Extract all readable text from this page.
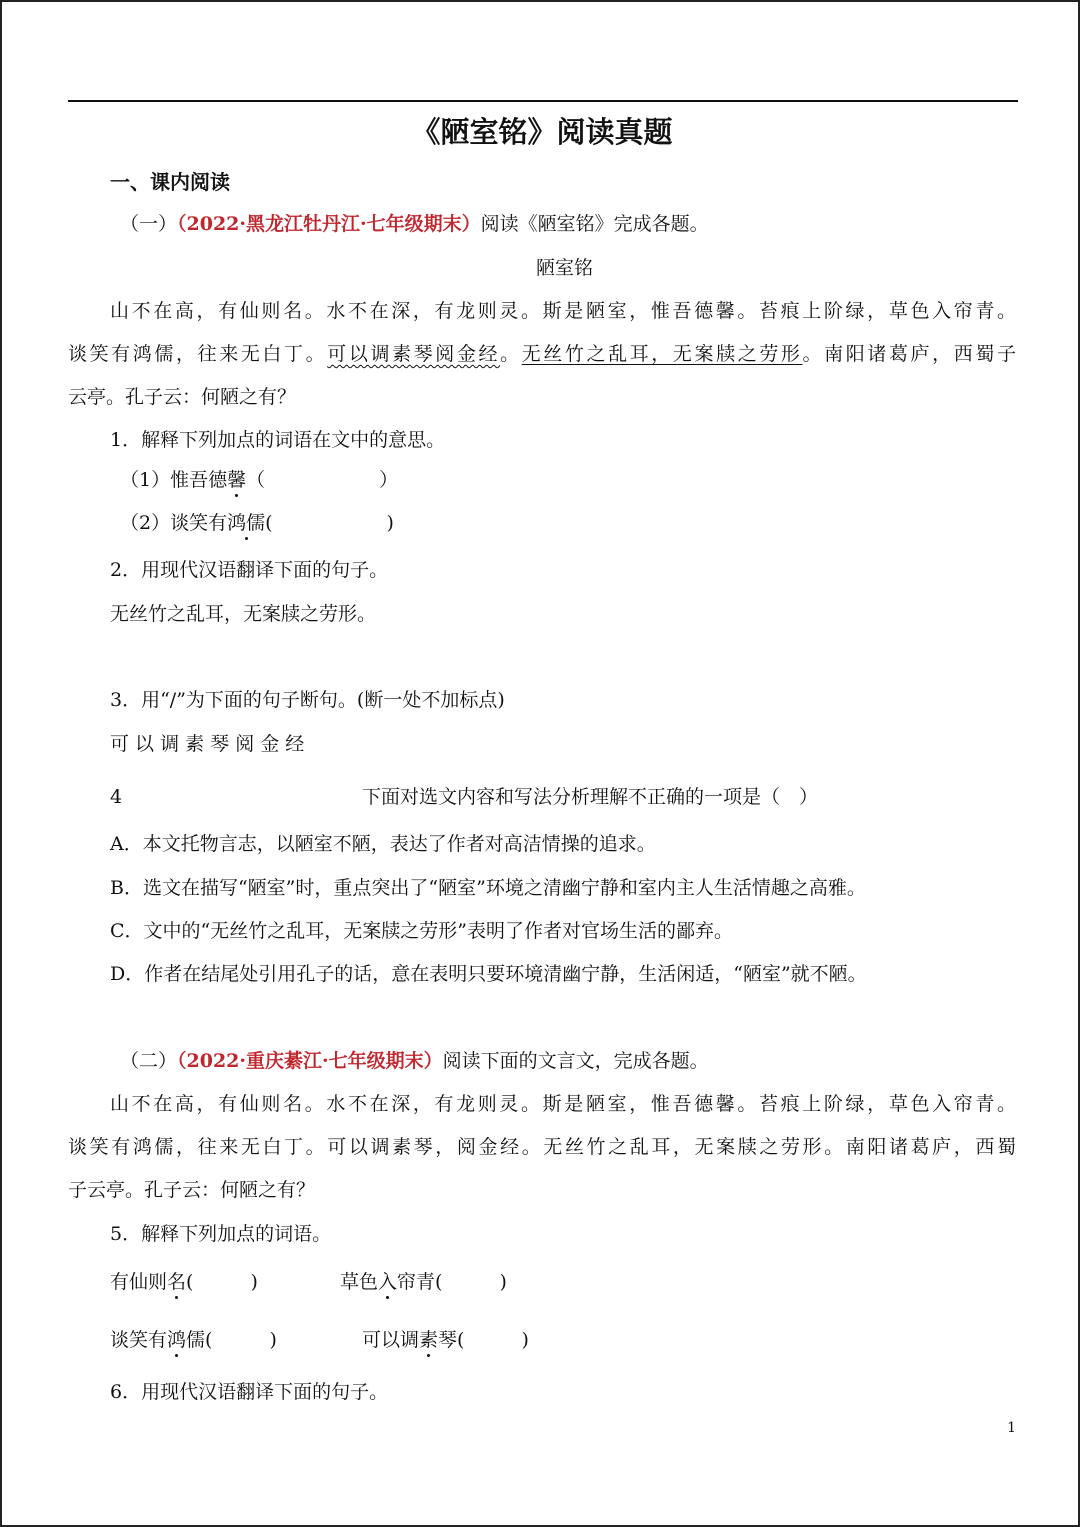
《陋室铭》阅读真题
一、课内阅读
（一）（2022·黑龙江牡丹江·七年级期末）阅读《陋室铭》完成各题。
陋室铭
山不在高，有仙则名。水不在深，有龙则灵。斯是陋室，惟吾德馨。苔痕上阶绿，草色入帘青。
谈笑有鸿儒，往来无白丁。可以调素琴阅金经。无丝竹之乱耳，无案牍之劳形。南阳诸葛庐，西蜀子
云亭。孔子云：何陋之有？
1．解释下列加点的词语在文中的意思。
（1）惟吾德馨（　　　　　　）
（2）谈笑有鸿儒(　　　　　　)
2．用现代汉语翻译下面的句子。
无丝竹之乱耳，无案牍之劳形。
3．用“/”为下面的句子断句。(断一处不加标点)
可 以 调 素 琴 阅 金 经
4	下面对选文内容和写法分析理解不正确的一项是（　）
A．本文托物言志，以陋室不陋，表达了作者对高洁情操的追求。
B．选文在描写“陋室”时，重点突出了“陋室”环境之清幽宁静和室内主人生活情趣之高雅。
C．文中的“无丝竹之乱耳，无案牍之劳形”表明了作者对官场生活的鄙弃。
D．作者在结尾处引用孔子的话，意在表明只要环境清幽宁静，生活闲适，“陋室”就不陋。
（二）（2022·重庆綦江·七年级期末）阅读下面的文言文，完成各题。
山不在高，有仙则名。水不在深，有龙则灵。斯是陋室，惟吾德馨。苔痕上阶绿，草色入帘青。
谈笑有鸿儒，往来无白丁。可以调素琴，阅金经。无丝竹之乱耳，无案牍之劳形。南阳诸葛庐，西蜀
子云亭。孔子云：何陋之有？
5．解释下列加点的词语。
有仙则名(　　　)	草色入帘青(　　　)
谈笑有鸿儒(　　　)	可以调素琴(　　　)
6．用现代汉语翻译下面的句子。
1
